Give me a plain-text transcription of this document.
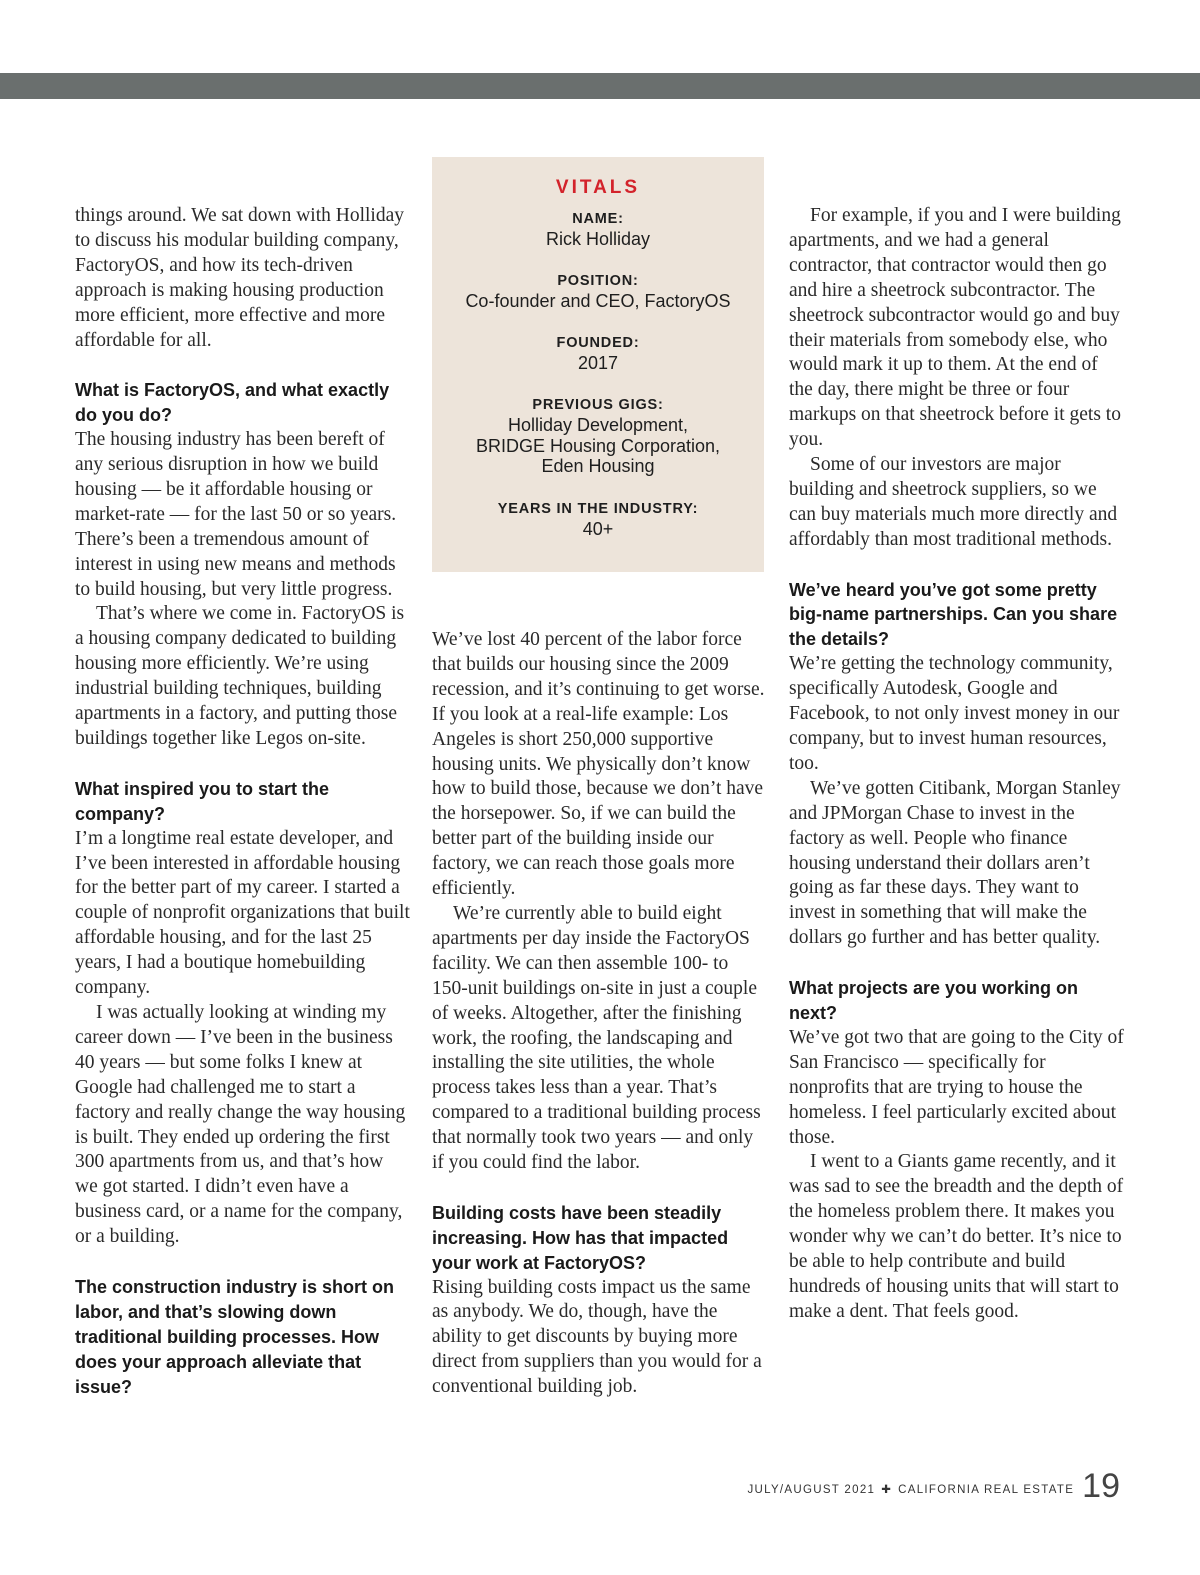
things around. We sat down with Holliday to discuss his modular building company, FactoryOS, and how its tech-driven approach is making housing production more efficient, more effective and more affordable for all.

What is FactoryOS, and what exactly do you do?

The housing industry has been bereft of any serious disruption in how we build housing — be it affordable housing or market-rate — for the last 50 or so years. There’s been a tremendous amount of interest in using new means and methods to build housing, but very little progress.

That’s where we come in. FactoryOS is a housing company dedicated to building housing more efficiently. We’re using industrial building techniques, building apartments in a factory, and putting those buildings together like Legos on-site.

What inspired you to start the company?

I’m a longtime real estate developer, and I’ve been interested in affordable housing for the better part of my career. I started a couple of nonprofit organizations that built affordable housing, and for the last 25 years, I had a boutique homebuilding company.

I was actually looking at winding my career down — I’ve been in the business 40 years — but some folks I knew at Google had challenged me to start a factory and really change the way housing is built. They ended up ordering the first 300 apartments from us, and that’s how we got started. I didn’t even have a business card, or a name for the company, or a building.

The construction industry is short on labor, and that’s slowing down traditional building processes. How does your approach alleviate that issue?

VITALS
NAME:
Rick Holliday
POSITION:
Co-founder and CEO, FactoryOS
FOUNDED:
2017
PREVIOUS GIGS:
Holliday Development,
BRIDGE Housing Corporation,
Eden Housing
YEARS IN THE INDUSTRY:
40+

We’ve lost 40 percent of the labor force that builds our housing since the 2009 recession, and it’s continuing to get worse. If you look at a real-life example: Los Angeles is short 250,000 supportive housing units. We physically don’t know how to build those, because we don’t have the horsepower. So, if we can build the better part of the building inside our factory, we can reach those goals more efficiently.

We’re currently able to build eight apartments per day inside the FactoryOS facility. We can then assemble 100- to 150-unit buildings on-site in just a couple of weeks. Altogether, after the finishing work, the roofing, the landscaping and installing the site utilities, the whole process takes less than a year. That’s compared to a traditional building process that normally took two years — and only if you could find the labor.

Building costs have been steadily increasing. How has that impacted your work at FactoryOS?

Rising building costs impact us the same as anybody. We do, though, have the ability to get discounts by buying more direct from suppliers than you would for a conventional building job.

For example, if you and I were building apartments, and we had a general contractor, that contractor would then go and hire a sheetrock subcontractor. The sheetrock subcontractor would go and buy their materials from somebody else, who would mark it up to them. At the end of the day, there might be three or four markups on that sheetrock before it gets to you.

Some of our investors are major building and sheetrock suppliers, so we can buy materials much more directly and affordably than most traditional methods.

We’ve heard you’ve got some pretty big-name partnerships. Can you share the details?

We’re getting the technology community, specifically Autodesk, Google and Facebook, to not only invest money in our company, but to invest human resources, too.

We’ve gotten Citibank, Morgan Stanley and JPMorgan Chase to invest in the factory as well. People who finance housing understand their dollars aren’t going as far these days. They want to invest in something that will make the dollars go further and has better quality.

What projects are you working on next?

We’ve got two that are going to the City of San Francisco — specifically for nonprofits that are trying to house the homeless. I feel particularly excited about those.

I went to a Giants game recently, and it was sad to see the breadth and the depth of the homeless problem there. It makes you wonder why we can’t do better. It’s nice to be able to help contribute and build hundreds of housing units that will start to make a dent. That feels good.

JULY/AUGUST 2021 ✚ CALIFORNIA REAL ESTATE 19
